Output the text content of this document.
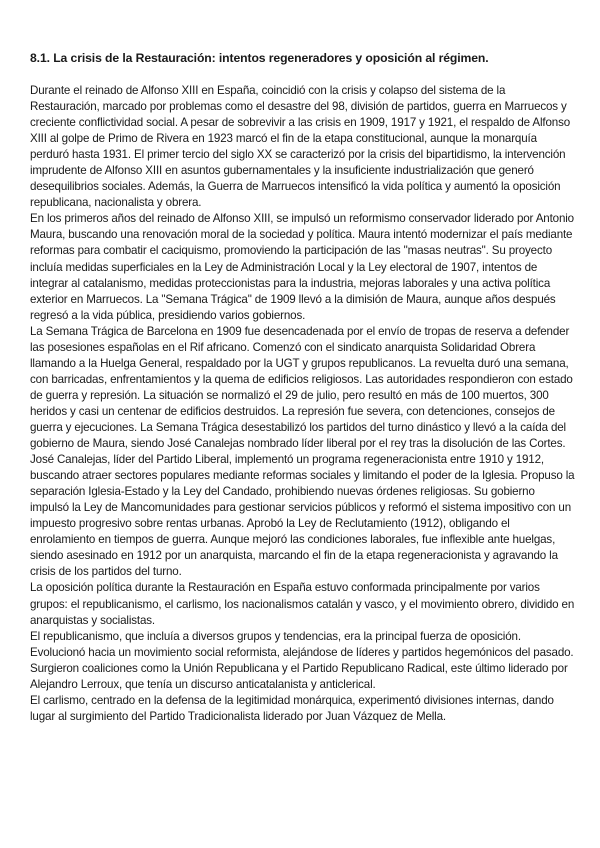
8.1. La crisis de la Restauración: intentos regeneradores y oposición al régimen.

Durante el reinado de Alfonso XIII en España, coincidió con la crisis y colapso del sistema de la Restauración, marcado por problemas como el desastre del 98, división de partidos, guerra en Marruecos y creciente conflictividad social. A pesar de sobrevivir a las crisis en 1909, 1917 y 1921, el respaldo de Alfonso XIII al golpe de Primo de Rivera en 1923 marcó el fin de la etapa constitucional, aunque la monarquía perduró hasta 1931. El primer tercio del siglo XX se caracterizó por la crisis del bipartidismo, la intervención imprudente de Alfonso XIII en asuntos gubernamentales y la insuficiente industrialización que generó desequilibrios sociales. Además, la Guerra de Marruecos intensificó la vida política y aumentó la oposición republicana, nacionalista y obrera.

En los primeros años del reinado de Alfonso XIII, se impulsó un reformismo conservador liderado por Antonio Maura, buscando una renovación moral de la sociedad y política. Maura intentó modernizar el país mediante reformas para combatir el caciquismo, promoviendo la participación de las "masas neutras". Su proyecto incluía medidas superficiales en la Ley de Administración Local y la Ley electoral de 1907, intentos de integrar al catalanismo, medidas proteccionistas para la industria, mejoras laborales y una activa política exterior en Marruecos. La "Semana Trágica" de 1909 llevó a la dimisión de Maura, aunque años después regresó a la vida pública, presidiendo varios gobiernos.

La Semana Trágica de Barcelona en 1909 fue desencadenada por el envío de tropas de reserva a defender las posesiones españolas en el Rif africano. Comenzó con el sindicato anarquista Solidaridad Obrera llamando a la Huelga General, respaldado por la UGT y grupos republicanos. La revuelta duró una semana, con barricadas, enfrentamientos y la quema de edificios religiosos. Las autoridades respondieron con estado de guerra y represión. La situación se normalizó el 29 de julio, pero resultó en más de 100 muertos, 300 heridos y casi un centenar de edificios destruidos. La represión fue severa, con detenciones, consejos de guerra y ejecuciones. La Semana Trágica desestabilizó los partidos del turno dinástico y llevó a la caída del gobierno de Maura, siendo José Canalejas nombrado líder liberal por el rey tras la disolución de las Cortes.

José Canalejas, líder del Partido Liberal, implementó un programa regeneracionista entre 1910 y 1912, buscando atraer sectores populares mediante reformas sociales y limitando el poder de la Iglesia. Propuso la separación Iglesia-Estado y la Ley del Candado, prohibiendo nuevas órdenes religiosas. Su gobierno impulsó la Ley de Mancomunidades para gestionar servicios públicos y reformó el sistema impositivo con un impuesto progresivo sobre rentas urbanas. Aprobó la Ley de Reclutamiento (1912), obligando el enrolamiento en tiempos de guerra. Aunque mejoró las condiciones laborales, fue inflexible ante huelgas, siendo asesinado en 1912 por un anarquista, marcando el fin de la etapa regeneracionista y agravando la crisis de los partidos del turno.

La oposición política durante la Restauración en España estuvo conformada principalmente por varios grupos: el republicanismo, el carlismo, los nacionalismos catalán y vasco, y el movimiento obrero, dividido en anarquistas y socialistas.

El republicanismo, que incluía a diversos grupos y tendencias, era la principal fuerza de oposición. Evolucionó hacia un movimiento social reformista, alejándose de líderes y partidos hegemónicos del pasado. Surgieron coaliciones como la Unión Republicana y el Partido Republicano Radical, este último liderado por Alejandro Lerroux, que tenía un discurso anticatalanista y anticlerical.

El carlismo, centrado en la defensa de la legitimidad monárquica, experimentó divisiones internas, dando lugar al surgimiento del Partido Tradicionalista liderado por Juan Vázquez de Mella.
